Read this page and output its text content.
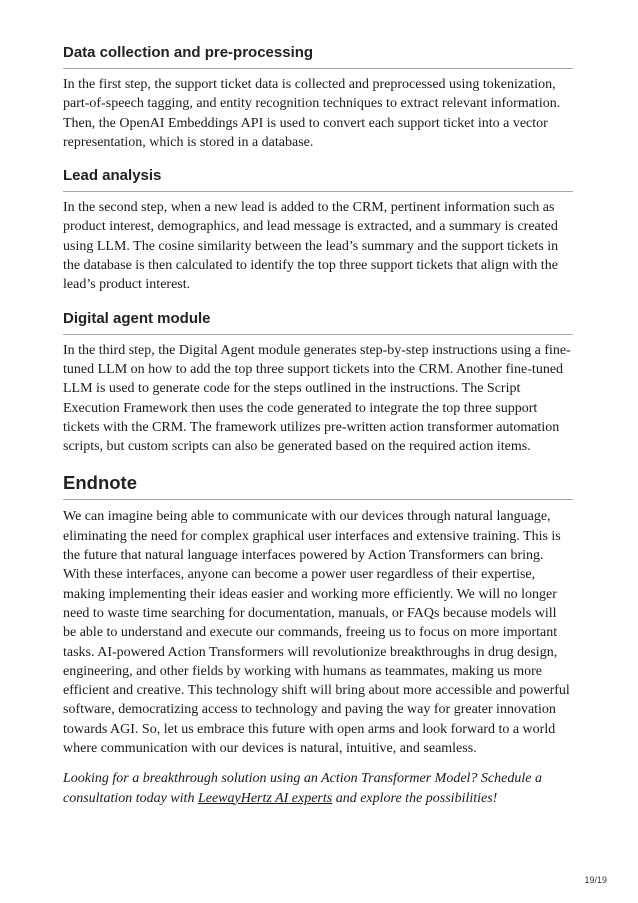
Data collection and pre-processing

In the first step, the support ticket data is collected and preprocessed using tokenization, part-of-speech tagging, and entity recognition techniques to extract relevant information. Then, the OpenAI Embeddings API is used to convert each support ticket into a vector representation, which is stored in a database.

Lead analysis

In the second step, when a new lead is added to the CRM, pertinent information such as product interest, demographics, and lead message is extracted, and a summary is created using LLM. The cosine similarity between the lead’s summary and the support tickets in the database is then calculated to identify the top three support tickets that align with the lead’s product interest.

Digital agent module

In the third step, the Digital Agent module generates step-by-step instructions using a fine-tuned LLM on how to add the top three support tickets into the CRM. Another fine-tuned LLM is used to generate code for the steps outlined in the instructions. The Script Execution Framework then uses the code generated to integrate the top three support tickets with the CRM. The framework utilizes pre-written action transformer automation scripts, but custom scripts can also be generated based on the required action items.

Endnote

We can imagine being able to communicate with our devices through natural language, eliminating the need for complex graphical user interfaces and extensive training. This is the future that natural language interfaces powered by Action Transformers can bring. With these interfaces, anyone can become a power user regardless of their expertise, making implementing their ideas easier and working more efficiently. We will no longer need to waste time searching for documentation, manuals, or FAQs because models will be able to understand and execute our commands, freeing us to focus on more important tasks. AI-powered Action Transformers will revolutionize breakthroughs in drug design, engineering, and other fields by working with humans as teammates, making us more efficient and creative. This technology shift will bring about more accessible and powerful software, democratizing access to technology and paving the way for greater innovation towards AGI. So, let us embrace this future with open arms and look forward to a world where communication with our devices is natural, intuitive, and seamless.

Looking for a breakthrough solution using an Action Transformer Model? Schedule a consultation today with LeewayHertz AI experts and explore the possibilities!

19/19
